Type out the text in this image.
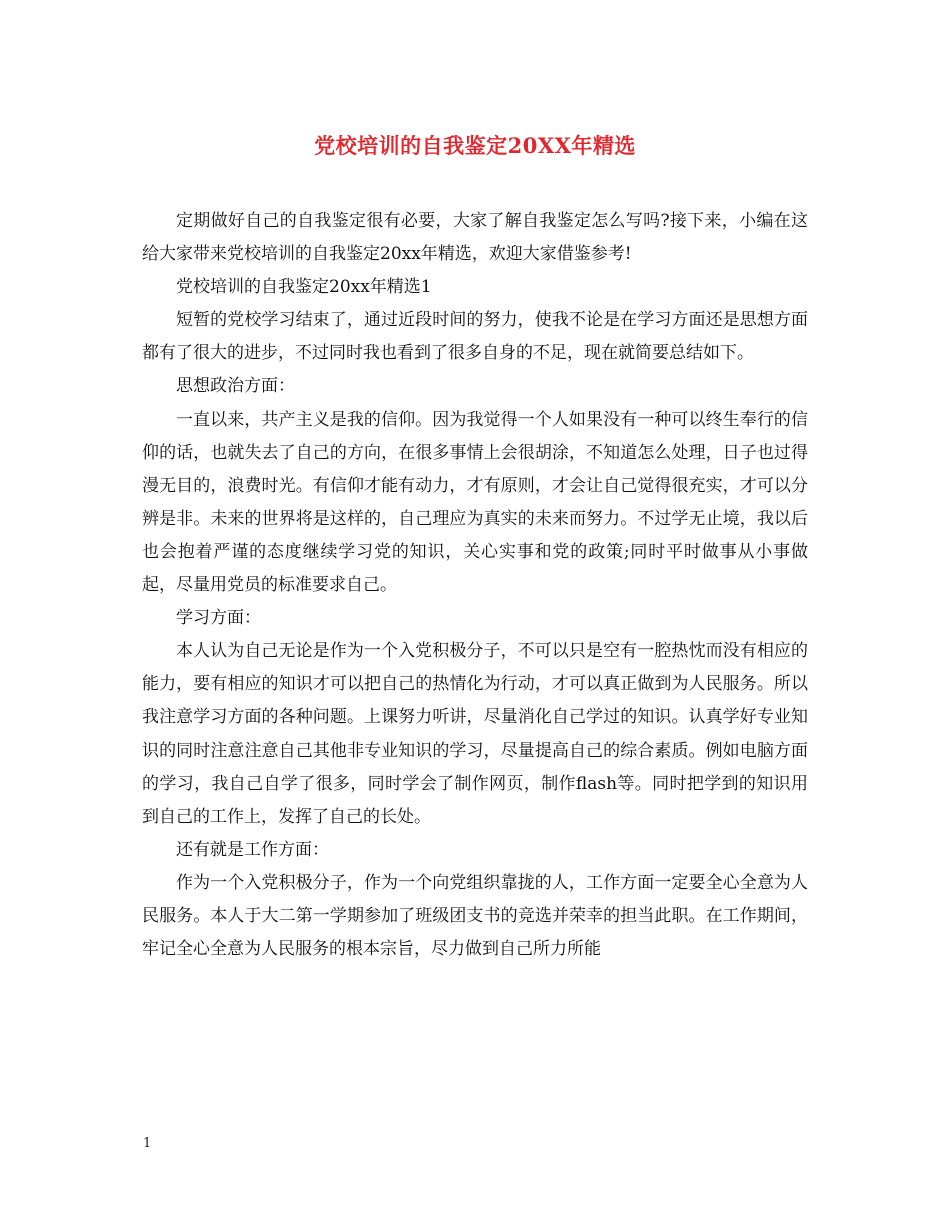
党校培训的自我鉴定20XX年精选

定期做好自己的自我鉴定很有必要，大家了解自我鉴定怎么写吗?接下来，小编在这给大家带来党校培训的自我鉴定20xx年精选，欢迎大家借鉴参考!

党校培训的自我鉴定20xx年精选1

短暂的党校学习结束了，通过近段时间的努力，使我不论是在学习方面还是思想方面都有了很大的进步，不过同时我也看到了很多自身的不足，现在就简要总结如下。

思想政治方面：

一直以来，共产主义是我的信仰。因为我觉得一个人如果没有一种可以终生奉行的信仰的话，也就失去了自己的方向，在很多事情上会很胡涂，不知道怎么处理，日子也过得漫无目的，浪费时光。有信仰才能有动力，才有原则，才会让自己觉得很充实，才可以分辨是非。未来的世界将是这样的，自己理应为真实的未来而努力。不过学无止境，我以后也会抱着严谨的态度继续学习党的知识，关心实事和党的政策;同时平时做事从小事做起，尽量用党员的标准要求自己。

学习方面：

本人认为自己无论是作为一个入党积极分子，不可以只是空有一腔热忱而没有相应的能力，要有相应的知识才可以把自己的热情化为行动，才可以真正做到为人民服务。所以我注意学习方面的各种问题。上课努力听讲，尽量消化自己学过的知识。认真学好专业知识的同时注意注意自己其他非专业知识的学习，尽量提高自己的综合素质。例如电脑方面的学习，我自己自学了很多，同时学会了制作网页，制作flash等。同时把学到的知识用到自己的工作上，发挥了自己的长处。

还有就是工作方面：

作为一个入党积极分子，作为一个向党组织靠拢的人，工作方面一定要全心全意为人民服务。本人于大二第一学期参加了班级团支书的竞选并荣幸的担当此职。在工作期间，牢记全心全意为人民服务的根本宗旨，尽力做到自己所力所能

1
